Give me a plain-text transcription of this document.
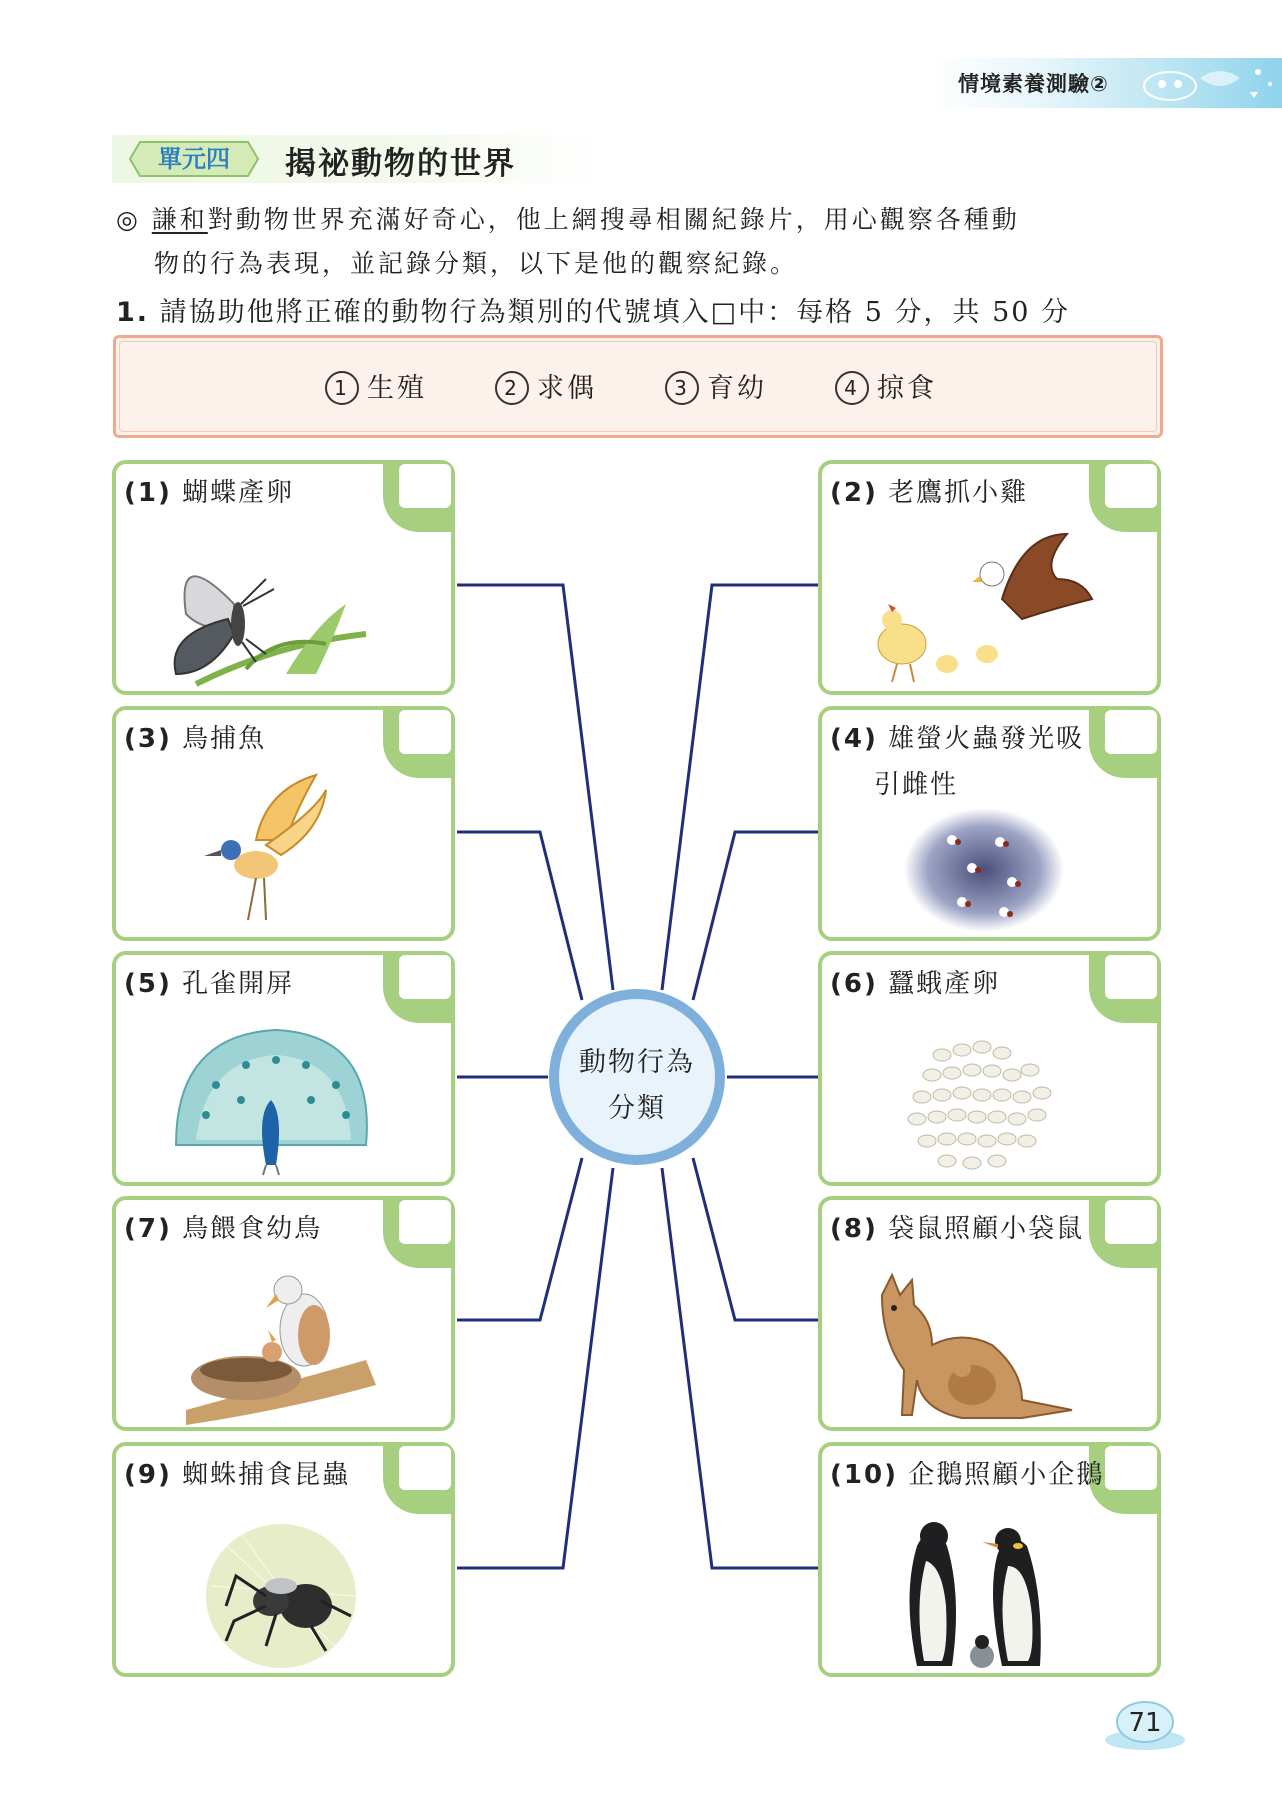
情境素養測驗②
單元四	揭祕動物的世界
◎ 謙和對動物世界充滿好奇心，他上網搜尋相關紀錄片，用心觀察各種動
物的行為表現，並記錄分類，以下是他的觀察紀錄。
1. 請協助他將正確的動物行為類別的代號填入□中：每格 5 分，共 50 分
1 生殖	2 求偶	3 育幼	4 掠食
動物行為
分類
(1) 蝴蝶產卵
(3) 鳥捕魚
(5) 孔雀開屏
(7) 鳥餵食幼鳥
(9) 蜘蛛捕食昆蟲
(2) 老鷹抓小雞
(4) 雄螢火蟲發光吸
引雌性
(6) 蠶蛾產卵
(8) 袋鼠照顧小袋鼠
(10) 企鵝照顧小企鵝
71
